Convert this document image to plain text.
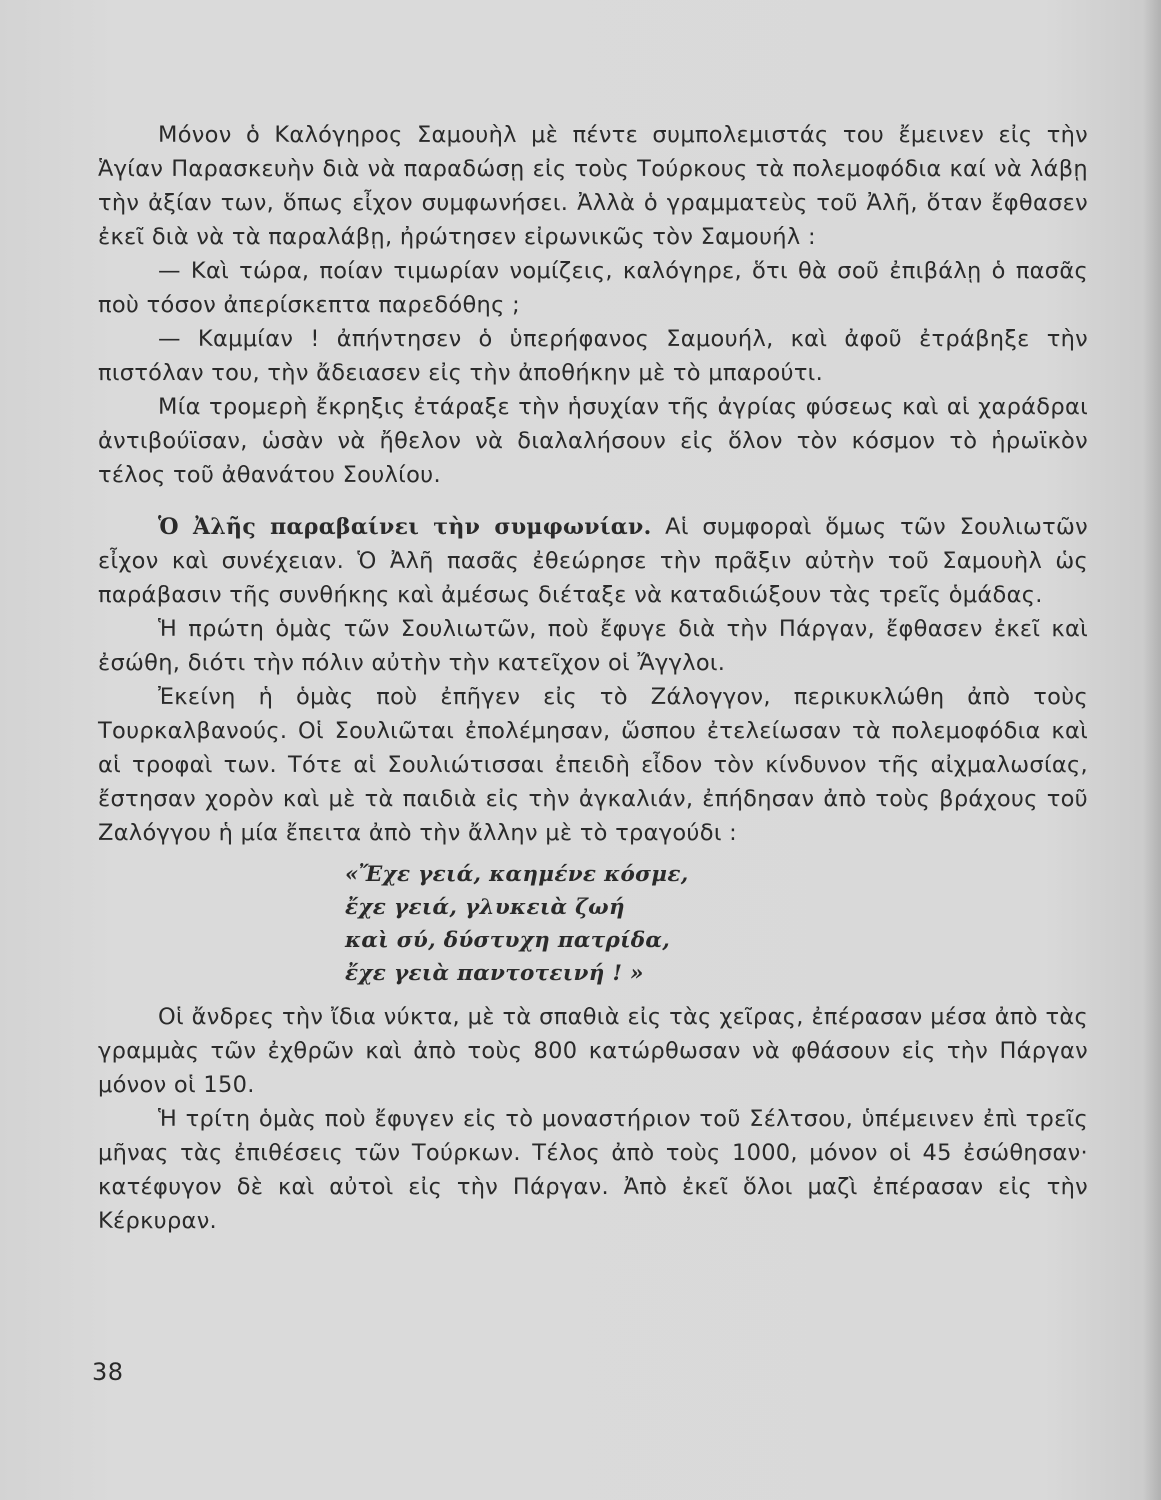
Μόνον ὁ Καλόγηρος Σαμουὴλ μὲ πέντε συμπολεμιστάς του ἔμεινεν εἰς τὴν Ἁγίαν Παρασκευὴν διὰ νὰ παραδώσῃ εἰς τοὺς Τούρκους τὰ πολεμοφόδια καί νὰ λάβῃ τὴν ἀξίαν των, ὅπως εἶχον συμφωνήσει. Ἀλλὰ ὁ γραμματεὺς τοῦ Ἀλῆ, ὅταν ἔφθασεν ἐκεῖ διὰ νὰ τὰ παραλάβῃ, ἠρώτησεν εἰρωνικῶς τὸν Σαμουήλ :

— Καὶ τώρα, ποίαν τιμωρίαν νομίζεις, καλόγηρε, ὅτι θὰ σοῦ ἐπιβάλῃ ὁ πασᾶς ποὺ τόσον ἀπερίσκεπτα παρεδόθης ;

— Καμμίαν ! ἀπήντησεν ὁ ὑπερήφανος Σαμουήλ, καὶ ἀφοῦ ἐτράβηξε τὴν πιστόλαν του, τὴν ἄδειασεν εἰς τὴν ἀποθήκην μὲ τὸ μπαρούτι.

Μία τρομερὴ ἔκρηξις ἐτάραξε τὴν ἡσυχίαν τῆς ἀγρίας φύσεως καὶ αἱ χαράδραι ἀντιβούϊσαν, ὡσὰν νὰ ἤθελον νὰ διαλαλήσουν εἰς ὅλον τὸν κόσμον τὸ ἡρωϊκὸν τέλος τοῦ ἀθανάτου Σουλίου.

Ὁ Ἀλῆς παραβαίνει τὴν συμφωνίαν. Αἱ συμφοραὶ ὅμως τῶν Σουλιωτῶν εἶχον καὶ συνέχειαν. Ὁ Ἀλῆ πασᾶς ἐθεώρησε τὴν πρᾶξιν αὐτὴν τοῦ Σαμουὴλ ὡς παράβασιν τῆς συνθήκης καὶ ἀμέσως διέταξε νὰ καταδιώξουν τὰς τρεῖς ὁμάδας.

Ἡ πρώτη ὁμὰς τῶν Σουλιωτῶν, ποὺ ἔφυγε διὰ τὴν Πάργαν, ἔφθασεν ἐκεῖ καὶ ἐσώθη, διότι τὴν πόλιν αὐτὴν τὴν κατεῖχον οἱ Ἄγγλοι.

Ἐκείνη ἡ ὁμὰς ποὺ ἐπῆγεν εἰς τὸ Ζάλογγον, περικυκλώθη ἀπὸ τοὺς Τουρκαλβανούς. Οἱ Σουλιῶται ἐπολέμησαν, ὥσπου ἐτελείωσαν τὰ πολεμοφόδια καὶ αἱ τροφαὶ των. Τότε αἱ Σουλιώτισσαι ἐπειδὴ εἶδον τὸν κίνδυνον τῆς αἰχμαλωσίας, ἔστησαν χορὸν καὶ μὲ τὰ παιδιὰ εἰς τὴν ἀγκαλιάν, ἐπήδησαν ἀπὸ τοὺς βράχους τοῦ Ζαλόγγου ἡ μία ἔπειτα ἀπὸ τὴν ἄλλην μὲ τὸ τραγούδι :

«Ἔχε γειά, καημένε κόσμε,
ἔχε γειά, γλυκειὰ ζωή
καὶ σύ, δύστυχη πατρίδα,
ἔχε γειὰ παντοτεινή ! »

Οἱ ἄνδρες τὴν ἴδια νύκτα, μὲ τὰ σπαθιὰ εἰς τὰς χεῖρας, ἐπέρασαν μέσα ἀπὸ τὰς γραμμὰς τῶν ἐχθρῶν καὶ ἀπὸ τοὺς 800 κατώρθωσαν νὰ φθάσουν εἰς τὴν Πάργαν μόνον οἱ 150.

Ἡ τρίτη ὁμὰς ποὺ ἔφυγεν εἰς τὸ μοναστήριον τοῦ Σέλτσου, ὑπέμεινεν ἐπὶ τρεῖς μῆνας τὰς ἐπιθέσεις τῶν Τούρκων. Τέλος ἀπὸ τοὺς 1000, μόνον οἱ 45 ἐσώθησαν· κατέφυγον δὲ καὶ αὐτοὶ εἰς τὴν Πάργαν. Ἀπὸ ἐκεῖ ὅλοι μαζὶ ἐπέρασαν εἰς τὴν Κέρκυραν.

38
